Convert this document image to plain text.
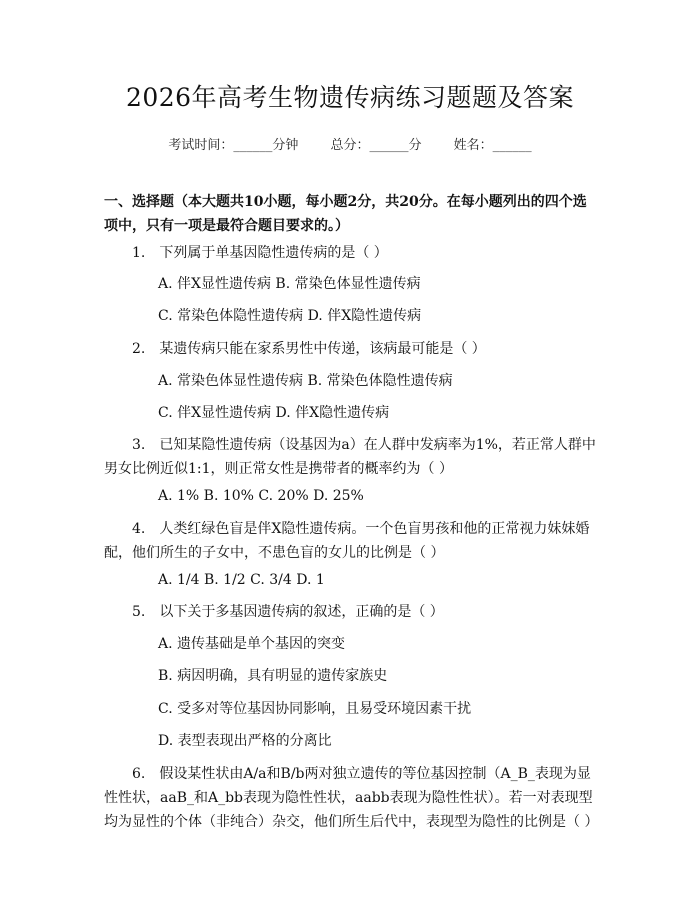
2026年高考生物遗传病练习题题及答案
考试时间：______分钟 总分：______分 姓名：______
一、选择题（本大题共10小题，每小题2分，共20分。在每小题列出的四个选项中，只有一项是最符合题目要求的。）
1.　下列属于单基因隐性遗传病的是（ ）
A. 伴X显性遗传病 B. 常染色体显性遗传病
C. 常染色体隐性遗传病 D. 伴X隐性遗传病
2.　某遗传病只能在家系男性中传递，该病最可能是（ ）
A. 常染色体显性遗传病 B. 常染色体隐性遗传病
C. 伴X显性遗传病 D. 伴X隐性遗传病
3.　已知某隐性遗传病（设基因为a）在人群中发病率为1%，若正常人群中男女比例近似1:1，则正常女性是携带者的概率约为（ ）
A. 1% B. 10% C. 20% D. 25%
4.　人类红绿色盲是伴X隐性遗传病。一个色盲男孩和他的正常视力妹妹婚配，他们所生的子女中，不患色盲的女儿的比例是（ ）
A. 1/4 B. 1/2 C. 3/4 D. 1
5.　以下关于多基因遗传病的叙述，正确的是（ ）
A. 遗传基础是单个基因的突变
B. 病因明确，具有明显的遗传家族史
C. 受多对等位基因协同影响，且易受环境因素干扰
D. 表型表现出严格的分离比
6.　假设某性状由A/a和B/b两对独立遗传的等位基因控制（A_B_表现为显性性状，aaB_和A_bb表现为隐性性状，aabb表现为隐性性状）。若一对表现型均为显性的个体（非纯合）杂交，他们所生后代中，表现型为隐性的比例是（ ）
